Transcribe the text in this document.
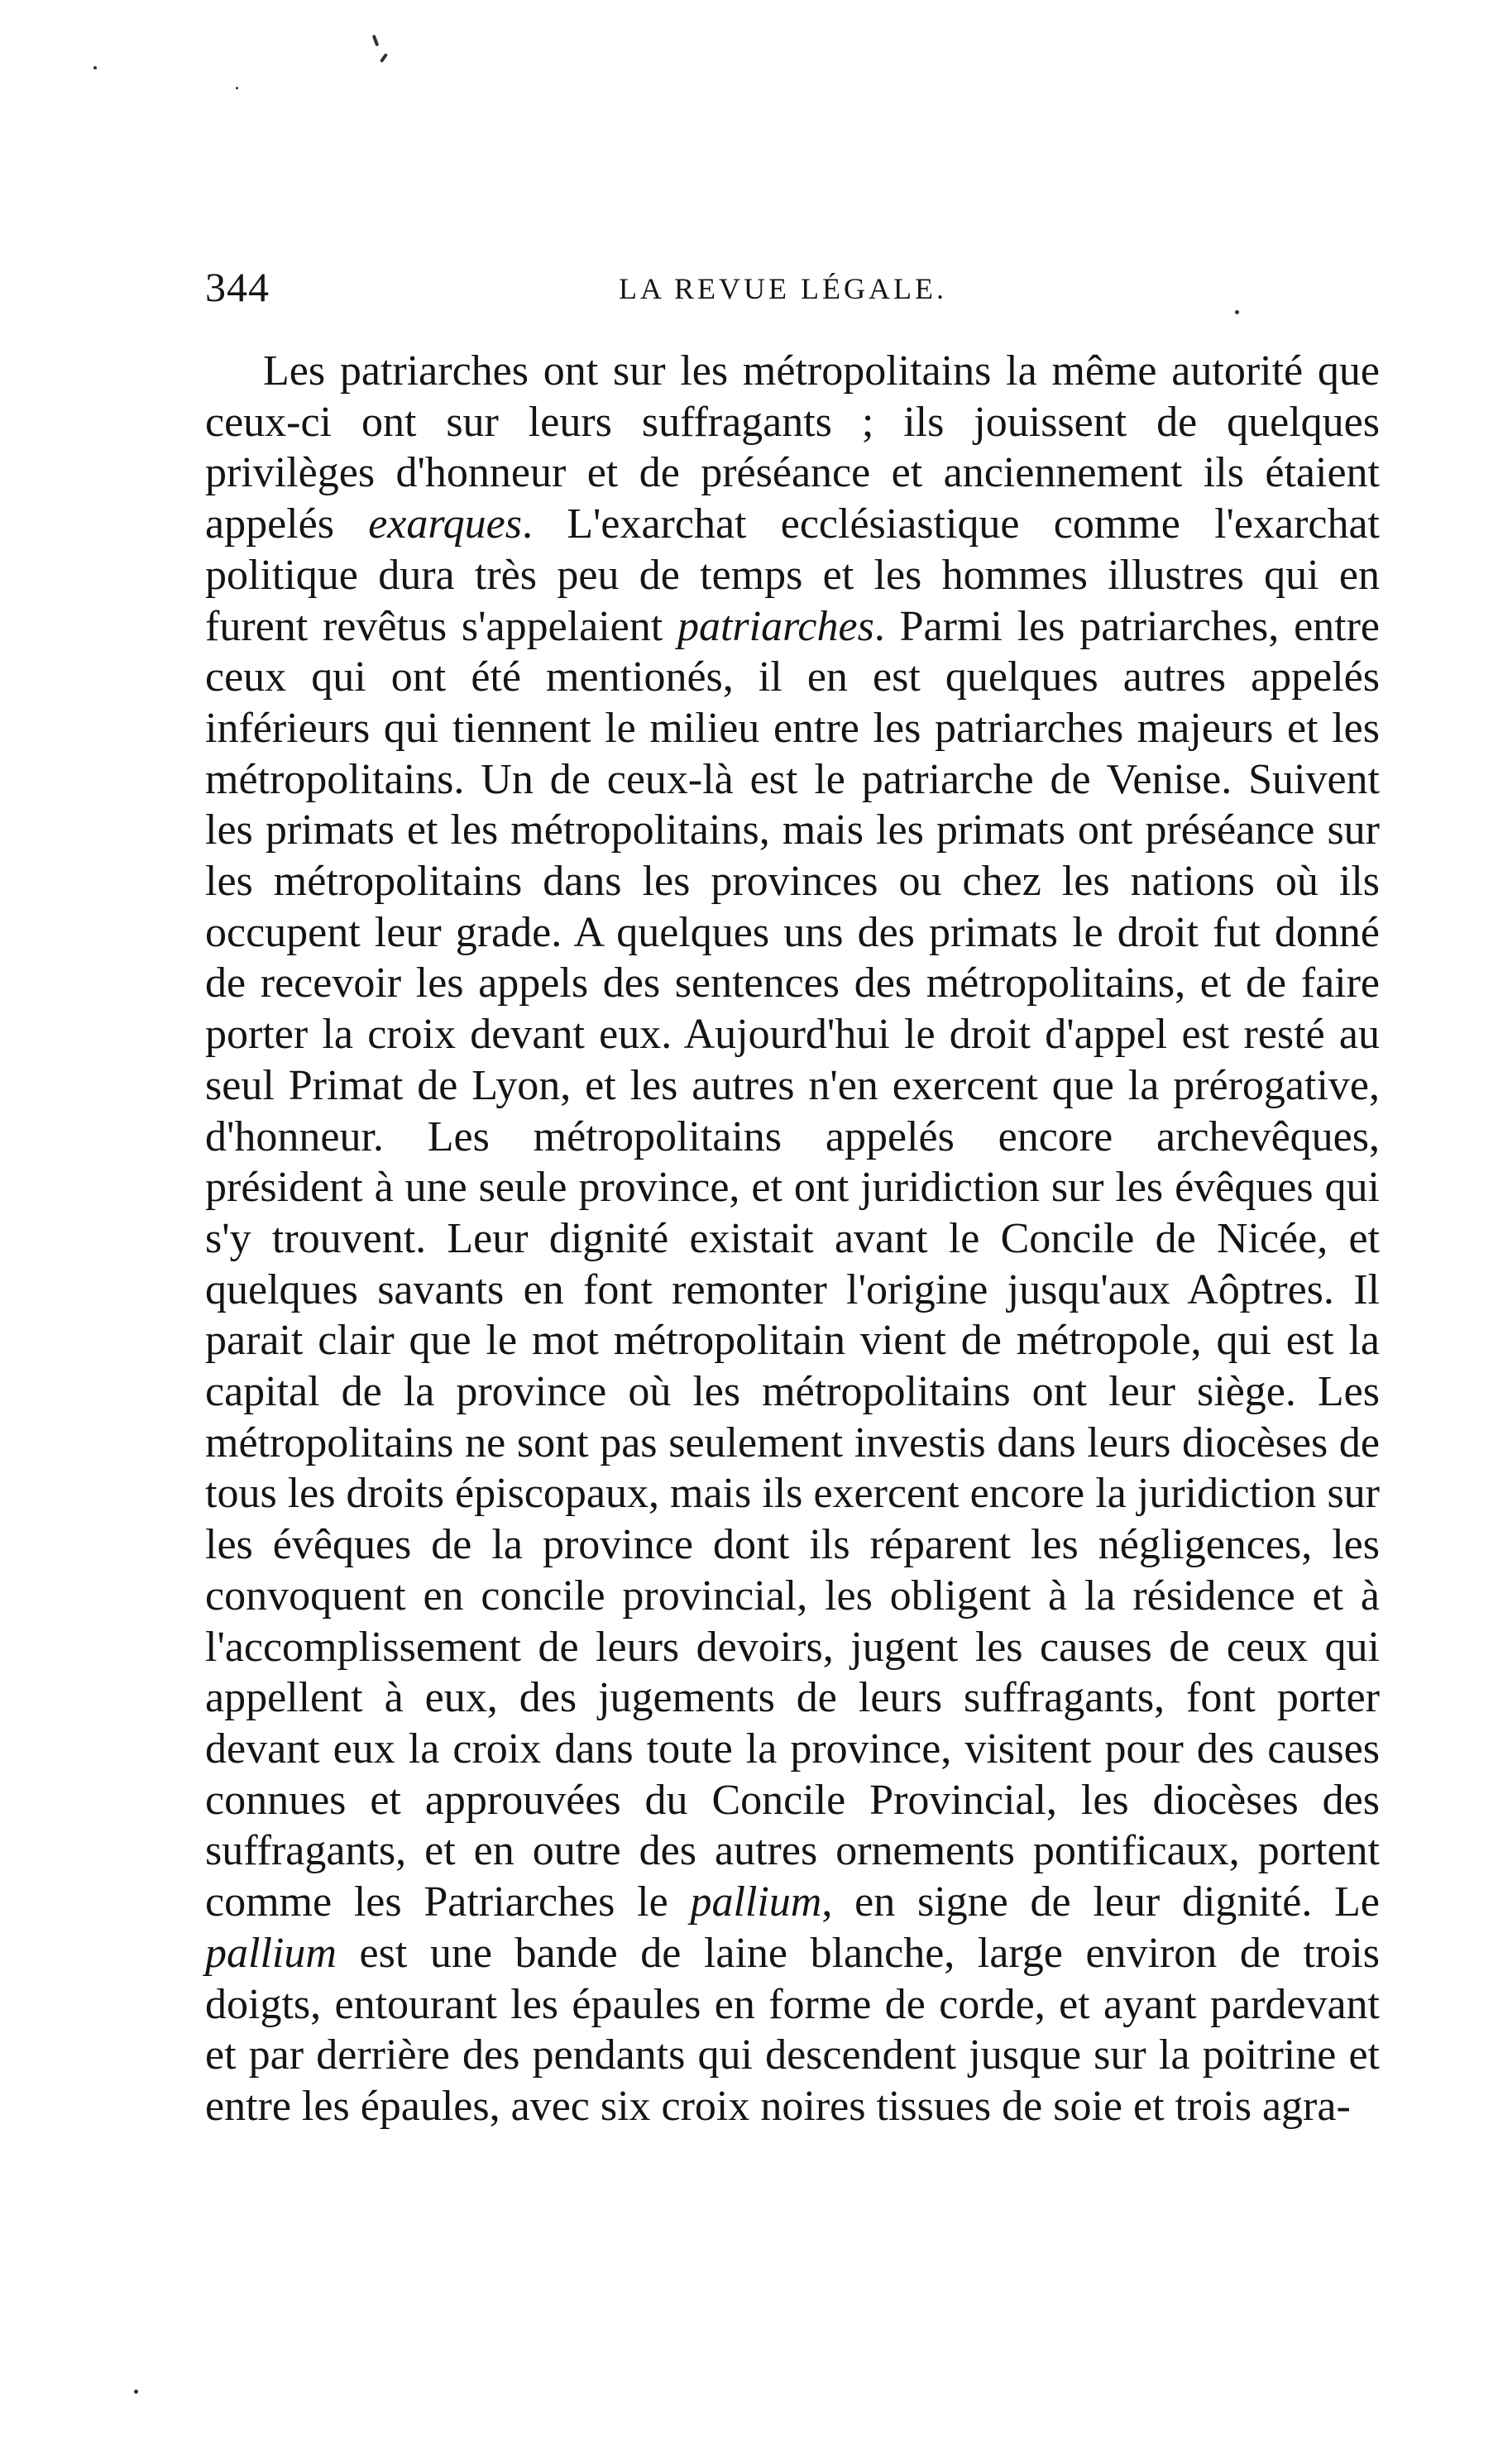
344	LA REVUE LÉGALE.

Les patriarches ont sur les métropolitains la même autorité que ceux-ci ont sur leurs suffragants ; ils jouissent de quelques privilèges d'honneur et de préséance et anciennement ils étaient appelés exarques. L'exarchat ecclésiastique comme l'exarchat politique dura très peu de temps et les hommes illustres qui en furent revêtus s'appelaient patriarches. Parmi les patriarches, entre ceux qui ont été mentionés, il en est quelques autres appelés inférieurs qui tiennent le milieu entre les patriarches majeurs et les métropolitains. Un de ceux-là est le patriarche de Venise. Suivent les primats et les métropolitains, mais les primats ont préséance sur les métropolitains dans les provinces ou chez les nations où ils occupent leur grade. A quelques uns des primats le droit fut donné de recevoir les appels des sentences des métropolitains, et de faire porter la croix devant eux. Aujourd'hui le droit d'appel est resté au seul Primat de Lyon, et les autres n'en exercent que la prérogative, d'honneur. Les métropolitains appelés encore archevêques, président à une seule province, et ont juridiction sur les évêques qui s'y trouvent. Leur dignité existait avant le Concile de Nicée, et quelques savants en font remonter l'origine jusqu'aux Aôptres. Il parait clair que le mot métropolitain vient de métropole, qui est la capital de la province où les métropolitains ont leur siège. Les métropolitains ne sont pas seulement investis dans leurs diocèses de tous les droits épiscopaux, mais ils exercent encore la juridiction sur les évêques de la province dont ils réparent les négligences, les convoquent en concile provincial, les obligent à la résidence et à l'accomplissement de leurs devoirs, jugent les causes de ceux qui appellent à eux, des jugements de leurs suffragants, font porter devant eux la croix dans toute la province, visitent pour des causes connues et approuvées du Concile Provincial, les diocèses des suffragants, et en outre des autres ornements pontificaux, portent comme les Patriarches le pallium, en signe de leur dignité. Le pallium est une bande de laine blanche, large environ de trois doigts, entourant les épaules en forme de corde, et ayant pardevant et par derrière des pendants qui descendent jusque sur la poitrine et entre les épaules, avec six croix noires tissues de soie et trois agra-
